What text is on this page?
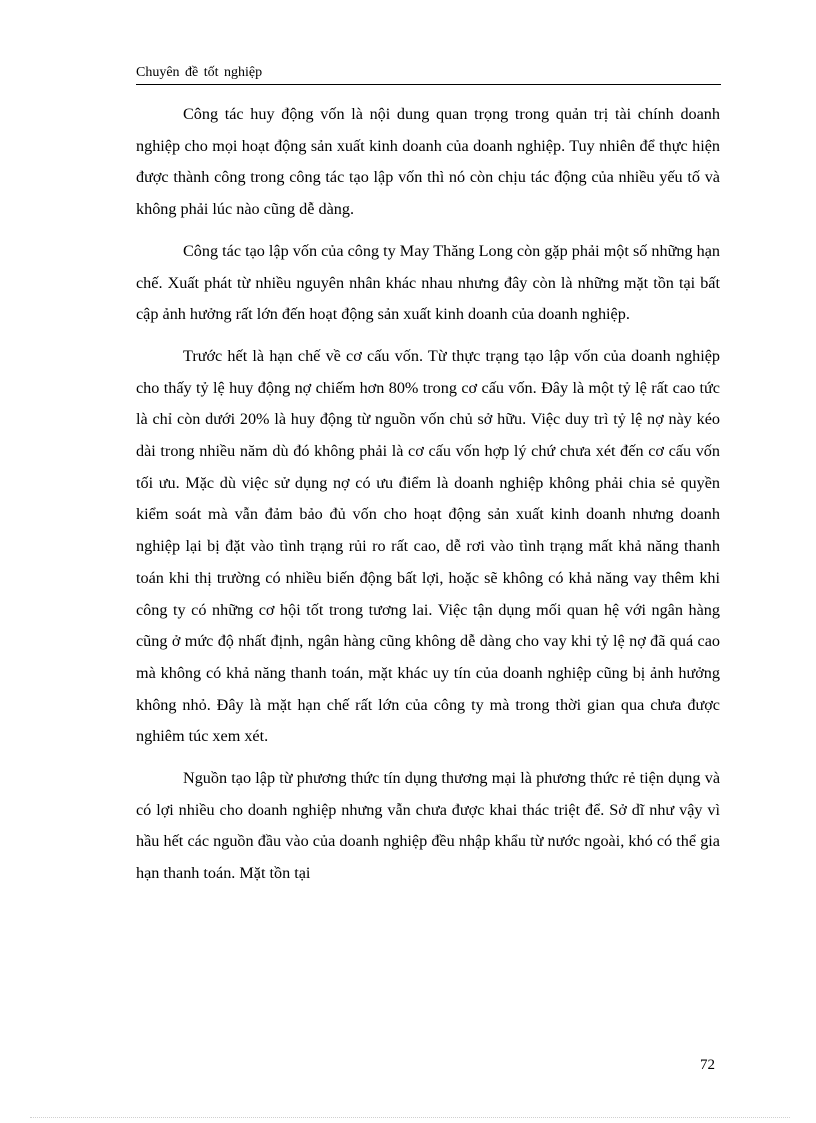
Chuyên đề tốt nghiệp

Công tác huy động vốn là nội dung quan trọng trong quản trị tài chính doanh nghiệp cho mọi hoạt động sản xuất kinh doanh của doanh nghiệp. Tuy nhiên để thực hiện được thành công trong công tác tạo lập vốn thì nó còn chịu tác động của nhiều yếu tố và không phải lúc nào cũng dễ dàng.

Công tác tạo lập vốn của công ty May Thăng Long còn gặp phải một số những hạn chế. Xuất phát từ nhiều nguyên nhân khác nhau nhưng đây còn là những mặt tồn tại bất cập ảnh hưởng rất lớn đến hoạt động sản xuất kinh doanh của doanh nghiệp.

Trước hết là hạn chế về cơ cấu vốn. Từ thực trạng tạo lập vốn của doanh nghiệp cho thấy tỷ lệ huy động nợ chiếm hơn 80% trong cơ cấu vốn. Đây là một tỷ lệ rất cao tức là chỉ còn dưới 20% là huy động từ nguồn vốn chủ sở hữu. Việc duy trì tỷ lệ nợ này kéo dài trong nhiều năm dù đó không phải là cơ cấu vốn hợp lý chứ chưa xét đến cơ cấu vốn tối ưu. Mặc dù việc sử dụng nợ có ưu điểm là doanh nghiệp không phải chia sẻ quyền kiểm soát mà vẫn đảm bảo đủ vốn cho hoạt động sản xuất kinh doanh nhưng doanh nghiệp lại bị đặt vào tình trạng rủi ro rất cao, dễ rơi vào tình trạng mất khả năng thanh toán khi thị trường có nhiều biến động bất lợi, hoặc sẽ không có khả năng vay thêm khi công ty có những cơ hội tốt trong tương lai. Việc tận dụng mối quan hệ với ngân hàng cũng ở mức độ nhất định, ngân hàng cũng không dễ dàng cho vay khi tỷ lệ nợ đã quá cao mà không có khả năng thanh toán, mặt khác uy tín của doanh nghiệp cũng bị ảnh hưởng không nhỏ. Đây là mặt hạn chế rất lớn của công ty mà trong thời gian qua chưa được nghiêm túc xem xét.

Nguồn tạo lập từ phương thức tín dụng thương mại là phương thức rẻ tiện dụng và có lợi nhiều cho doanh nghiệp nhưng vẫn chưa được khai thác triệt để. Sở dĩ như vậy vì hầu hết các nguồn đầu vào của doanh nghiệp đều nhập khẩu từ nước ngoài, khó có thể gia hạn thanh toán. Mặt tồn tại

72
